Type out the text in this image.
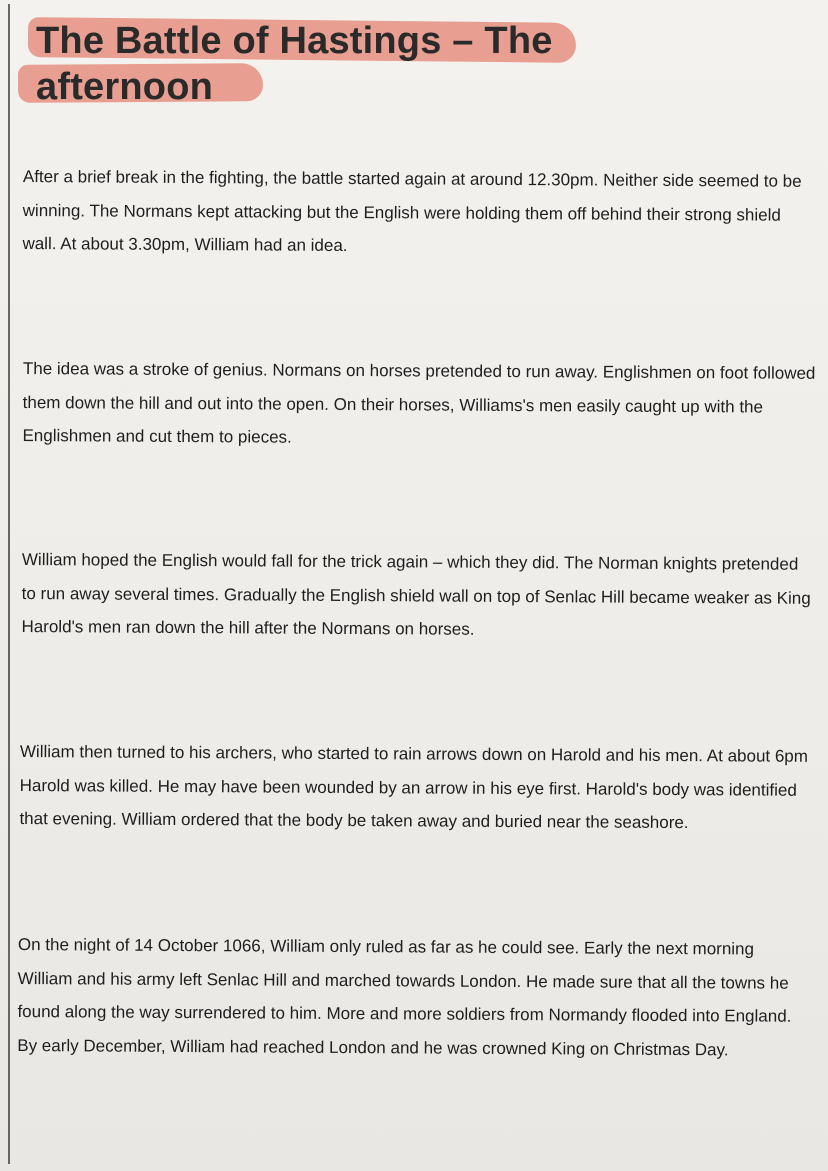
The Battle of Hastings – The afternoon

After a brief break in the fighting, the battle started again at around 12.30pm. Neither side seemed to be winning. The Normans kept attacking but the English were holding them off behind their strong shield wall. At about 3.30pm, William had an idea.

The idea was a stroke of genius. Normans on horses pretended to run away. Englishmen on foot followed them down the hill and out into the open. On their horses, Williams's men easily caught up with the Englishmen and cut them to pieces.

William hoped the English would fall for the trick again – which they did. The Norman knights pretended to run away several times. Gradually the English shield wall on top of Senlac Hill became weaker as King Harold's men ran down the hill after the Normans on horses.

William then turned to his archers, who started to rain arrows down on Harold and his men. At about 6pm Harold was killed. He may have been wounded by an arrow in his eye first. Harold's body was identified that evening. William ordered that the body be taken away and buried near the seashore.

On the night of 14 October 1066, William only ruled as far as he could see. Early the next morning William and his army left Senlac Hill and marched towards London. He made sure that all the towns he found along the way surrendered to him. More and more soldiers from Normandy flooded into England. By early December, William had reached London and he was crowned King on Christmas Day.
